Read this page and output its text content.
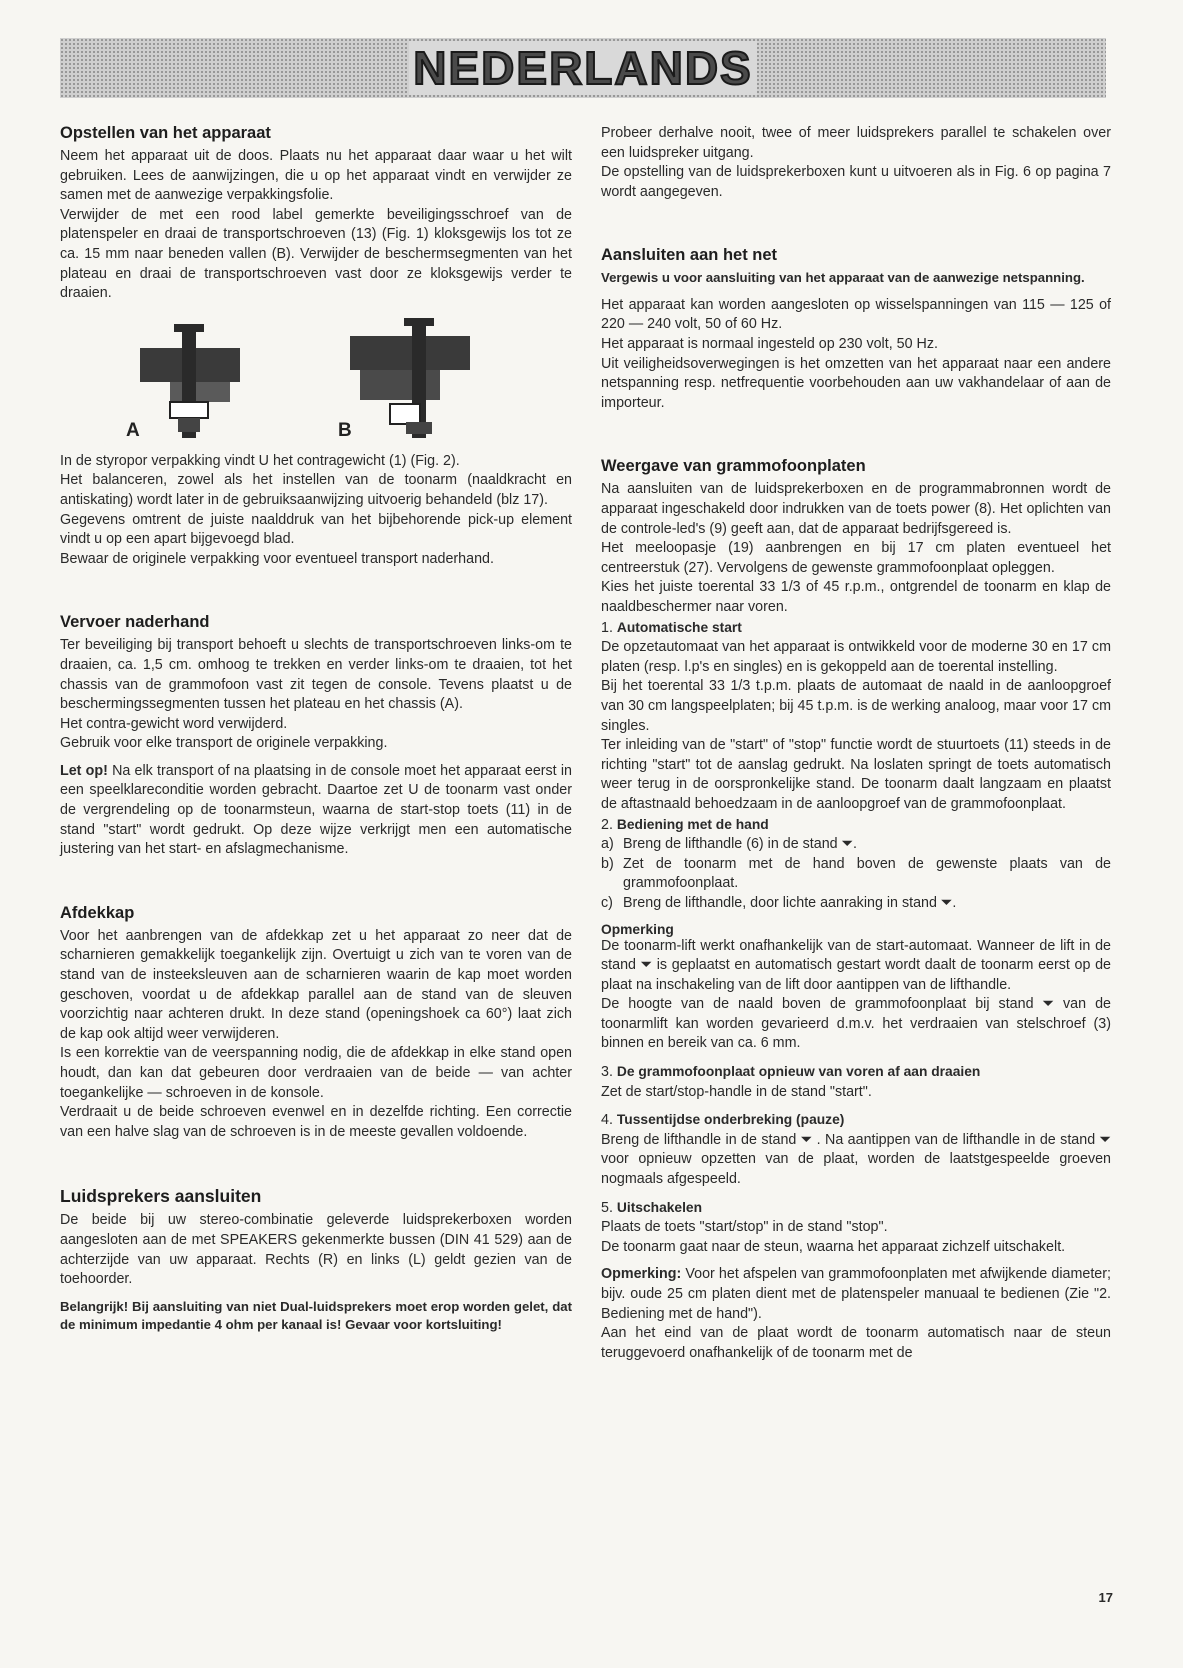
NEDERLANDS
Opstellen van het apparaat

Neem het apparaat uit de doos. Plaats nu het apparaat daar waar u het wilt gebruiken. Lees de aanwijzingen, die u op het apparaat vindt en verwijder ze samen met de aanwezige verpakkingsfolie.

Verwijder de met een rood label gemerkte beveiligingsschroef van de platenspeler en draai de transportschroeven (13) (Fig. 1) kloksgewijs los tot ze ca. 15 mm naar beneden vallen (B). Verwijder de beschermsegmenten van het plateau en draai de transportschroeven vast door ze kloksgewijs verder te draaien.

A	B

In de styropor verpakking vindt U het contragewicht (1) (Fig. 2).

Het balanceren, zowel als het instellen van de toonarm (naaldkracht en antiskating) wordt later in de gebruiksaanwijzing uitvoerig behandeld (blz 17).

Gegevens omtrent de juiste naalddruk van het bijbehorende pick-up element vindt u op een apart bijgevoegd blad.

Bewaar de originele verpakking voor eventueel transport naderhand.

Vervoer naderhand

Ter beveiliging bij transport behoeft u slechts de transportschroeven links-om te draaien, ca. 1,5 cm. omhoog te trekken en verder links-om te draaien, tot het chassis van de grammofoon vast zit tegen de console. Tevens plaatst u de beschermingssegmenten tussen het plateau en het chassis (A).

Het contra-gewicht word verwijderd.

Gebruik voor elke transport de originele verpakking.

Let op! Na elk transport of na plaatsing in de console moet het apparaat eerst in een speelklareconditie worden gebracht. Daartoe zet U de toonarm vast onder de vergrendeling op de toonarmsteun, waarna de start-stop toets (11) in de stand "start" wordt gedrukt. Op deze wijze verkrijgt men een automatische justering van het start- en afslagmechanisme.

Afdekkap

Voor het aanbrengen van de afdekkap zet u het apparaat zo neer dat de scharnieren gemakkelijk toegankelijk zijn. Overtuigt u zich van te voren van de stand van de insteeksleuven aan de scharnieren waarin de kap moet worden geschoven, voordat u de afdekkap parallel aan de stand van de sleuven voorzichtig naar achteren drukt. In deze stand (openingshoek ca 60°) laat zich de kap ook altijd weer verwijderen.

Is een korrektie van de veerspanning nodig, die de afdekkap in elke stand open houdt, dan kan dat gebeuren door verdraaien van de beide — van achter toegankelijke — schroeven in de konsole.

Verdraait u de beide schroeven evenwel en in dezelfde richting. Een correctie van een halve slag van de schroeven is in de meeste gevallen voldoende.

Luidsprekers aansluiten

De beide bij uw stereo-combinatie geleverde luidsprekerboxen worden aangesloten aan de met SPEAKERS gekenmerkte bussen (DIN 41 529) aan de achterzijde van uw apparaat. Rechts (R) en links (L) geldt gezien van de toehoorder.

Belangrijk! Bij aansluiting van niet Dual-luidsprekers moet erop worden gelet, dat de minimum impedantie 4 ohm per kanaal is! Gevaar voor kortsluiting!

Probeer derhalve nooit, twee of meer luidsprekers parallel te schakelen over een luidspreker uitgang.

De opstelling van de luidsprekerboxen kunt u uitvoeren als in Fig. 6 op pagina 7 wordt aangegeven.

Aansluiten aan het net

Vergewis u voor aansluiting van het apparaat van de aanwezige netspanning.

Het apparaat kan worden aangesloten op wisselspanningen van 115 — 125 of 220 — 240 volt, 50 of 60 Hz.

Het apparaat is normaal ingesteld op 230 volt, 50 Hz.

Uit veiligheidsoverwegingen is het omzetten van het apparaat naar een andere netspanning resp. netfrequentie voorbehouden aan uw vakhandelaar of aan de importeur.

Weergave van grammofoonplaten

Na aansluiten van de luidsprekerboxen en de programmabronnen wordt de apparaat ingeschakeld door indrukken van de toets power (8). Het oplichten van de controle-led's (9) geeft aan, dat de apparaat bedrijfsgereed is.

Het meeloopasje (19) aanbrengen en bij 17 cm platen eventueel het centreerstuk (27). Vervolgens de gewenste grammofoonplaat opleggen.

Kies het juiste toerental 33 1/3 of 45 r.p.m., ontgrendel de toonarm en klap de naaldbeschermer naar voren.

1. Automatische start

De opzetautomaat van het apparaat is ontwikkeld voor de moderne 30 en 17 cm platen (resp. l.p's en singles) en is gekoppeld aan de toerental instelling.

Bij het toerental 33 1/3 t.p.m. plaats de automaat de naald in de aanloopgroef van 30 cm langspeelplaten; bij 45 t.p.m. is de werking analoog, maar voor 17 cm singles.

Ter inleiding van de "start" of "stop" functie wordt de stuurtoets (11) steeds in de richting "start" tot de aanslag gedrukt. Na loslaten springt de toets automatisch weer terug in de oorspronkelijke stand. De toonarm daalt langzaam en plaatst de aftastnaald behoedzaam in de aanloopgroef van de grammofoonplaat.

2. Bediening met de hand
a) Breng de lifthandle (6) in de stand ⏷.
b) Zet de toonarm met de hand boven de gewenste plaats van de grammofoonplaat.
c) Breng de lifthandle, door lichte aanraking in stand ⏷.
Opmerking

De toonarm-lift werkt onafhankelijk van de start-automaat. Wanneer de lift in de stand ⏷ is geplaatst en automatisch gestart wordt daalt de toonarm eerst op de plaat na inschakeling van de lift door aantippen van de lifthandle.

De hoogte van de naald boven de grammofoonplaat bij stand ⏷ van de toonarmlift kan worden gevarieerd d.m.v. het verdraaien van stelschroef (3) binnen en bereik van ca. 6 mm.

3. De grammofoonplaat opnieuw van voren af aan draaien

Zet de start/stop-handle in de stand "start".

4. Tussentijdse onderbreking (pauze)

Breng de lifthandle in de stand ⏷ . Na aantippen van de lifthandle in de stand ⏷ voor opnieuw opzetten van de plaat, worden de laatstgespeelde groeven nogmaals afgespeeld.

5. Uitschakelen

Plaats de toets "start/stop" in de stand "stop".

De toonarm gaat naar de steun, waarna het apparaat zichzelf uitschakelt.

Opmerking: Voor het afspelen van grammofoonplaten met afwijkende diameter; bijv. oude 25 cm platen dient met de platenspeler manuaal te bedienen (Zie "2. Bediening met de hand").

Aan het eind van de plaat wordt de toonarm automatisch naar de steun teruggevoerd onafhankelijk of de toonarm met de

17
